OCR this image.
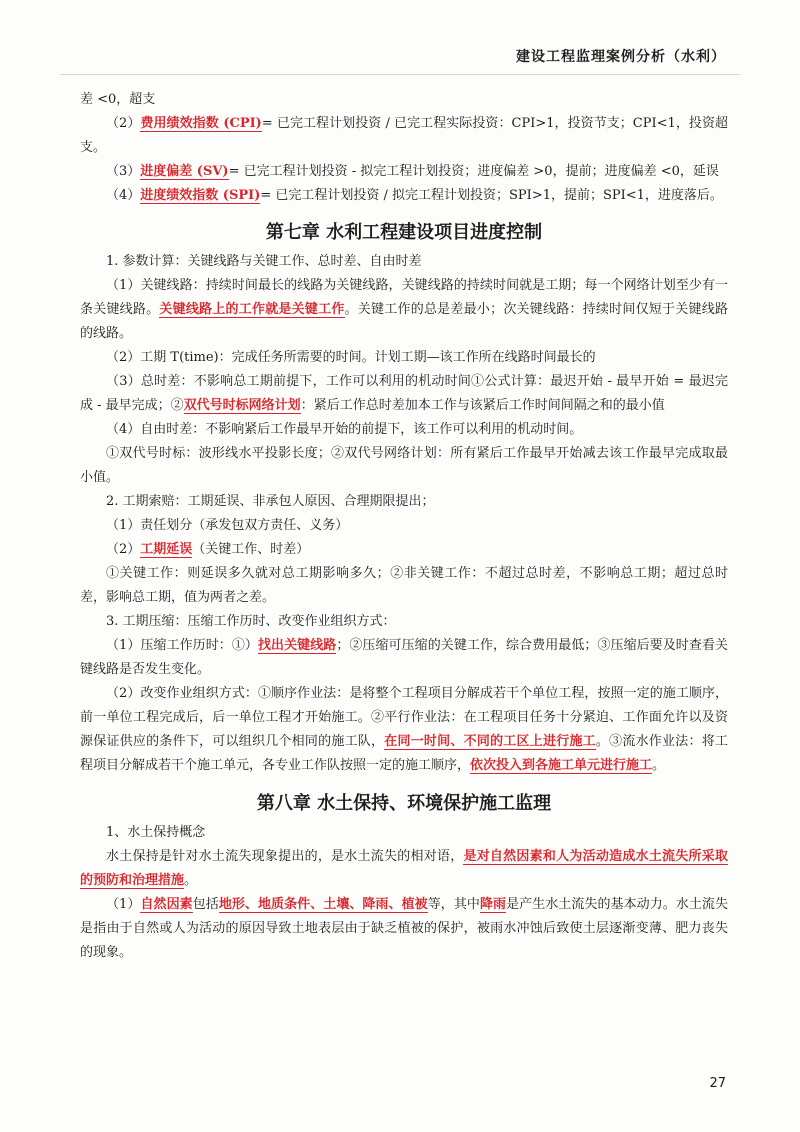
建设工程监理案例分析（水利）

差 <0，超支

（2）费用绩效指数 (CPI)= 已完工程计划投资 / 已完工程实际投资：CPI>1，投资节支；CPI<1，投资超支。

（3）进度偏差 (SV)= 已完工程计划投资 - 拟完工程计划投资；进度偏差 >0，提前；进度偏差 <0，延误

（4）进度绩效指数 (SPI)= 已完工程计划投资 / 拟完工程计划投资；SPI>1，提前；SPI<1，进度落后。

第七章 水利工程建设项目进度控制

1. 参数计算：关键线路与关键工作、总时差、自由时差

（1）关键线路：持续时间最长的线路为关键线路，关键线路的持续时间就是工期；每一个网络计划至少有一条关键线路。关键线路上的工作就是关键工作。关键工作的总是差最小；次关键线路：持续时间仅短于关键线路的线路。

（2）工期 T(time)：完成任务所需要的时间。计划工期—该工作所在线路时间最长的

（3）总时差：不影响总工期前提下，工作可以利用的机动时间①公式计算：最迟开始 - 最早开始 = 最迟完成 - 最早完成；②双代号时标网络计划：紧后工作总时差加本工作与该紧后工作时间间隔之和的最小值

（4）自由时差：不影响紧后工作最早开始的前提下，该工作可以利用的机动时间。

①双代号时标：波形线水平投影长度；②双代号网络计划：所有紧后工作最早开始减去该工作最早完成取最小值。

2. 工期索赔：工期延误、非承包人原因、合理期限提出；

（1）责任划分（承发包双方责任、义务）

（2）工期延误（关键工作、时差）

①关键工作：则延误多久就对总工期影响多久；②非关键工作：不超过总时差，不影响总工期；超过总时差，影响总工期，值为两者之差。

3. 工期压缩：压缩工作历时、改变作业组织方式：

（1）压缩工作历时：①）找出关键线路；②压缩可压缩的关键工作，综合费用最低；③压缩后要及时查看关键线路是否发生变化。

（2）改变作业组织方式：①顺序作业法：是将整个工程项目分解成若干个单位工程，按照一定的施工顺序，前一单位工程完成后，后一单位工程才开始施工。②平行作业法：在工程项目任务十分紧迫、工作面允许以及资源保证供应的条件下，可以组织几个相同的施工队，在同一时间、不同的工区上进行施工。③流水作业法：将工程项目分解成若干个施工单元，各专业工作队按照一定的施工顺序，依次投入到各施工单元进行施工。

第八章 水土保持、环境保护施工监理

1、水土保持概念

水土保持是针对水土流失现象提出的，是水土流失的相对语，是对自然因素和人为活动造成水土流失所采取的预防和治理措施。

（1）自然因素包括地形、地质条件、土壤、降雨、植被等，其中降雨是产生水土流失的基本动力。水土流失是指由于自然或人为活动的原因导致土地表层由于缺乏植被的保护，被雨水冲蚀后致使土层逐渐变薄、肥力丧失的现象。

27
